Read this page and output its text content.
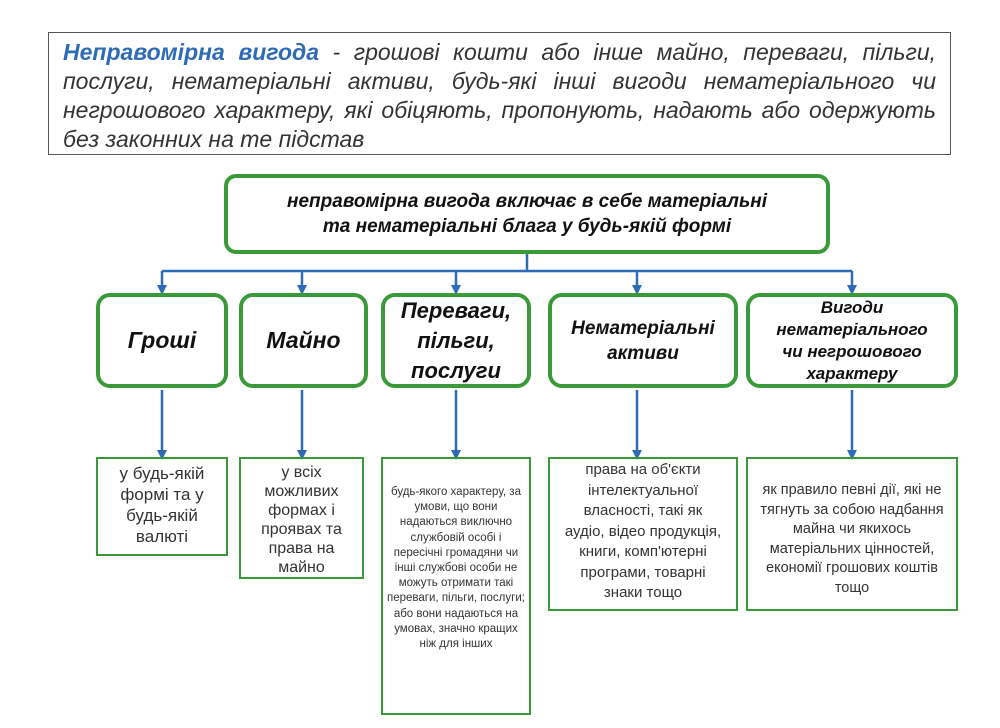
Неправомірна вигода - грошові кошти або інше майно, переваги, пільги, послуги, нематеріальні активи, будь-які інші вигоди нематеріального чи негрошового характеру, які обіцяють, пропонують, надають або одержують без законних на те підстав
неправомірна вигода включає в себе матеріальні
та нематеріальні блага у будь-якій формі
Гроші	Майно
Переваги, пільги, послуги
Нематеріальні активи
Вигоди нематеріального чи негрошового характеру
у будь-якій формі та у будь-якій валюті
у всіх можливих формах і проявах та права на майно
будь-якого характеру, за умови, що вони надаються виключно службовій особі і пересічні громадяни чи інші службові особи не можуть отримати такі переваги, пільги, послуги; або вони надаються на умовах, значно кращих ніж для інших
права на об'єкти інтелектуальної власності, такі як аудіо, відео продукція, книги, комп'ютерні програми, товарні знаки тощо
як правило певні дії, які не тягнуть за собою надбання майна чи якихось матеріальних цінностей, економії грошових коштів тощо
